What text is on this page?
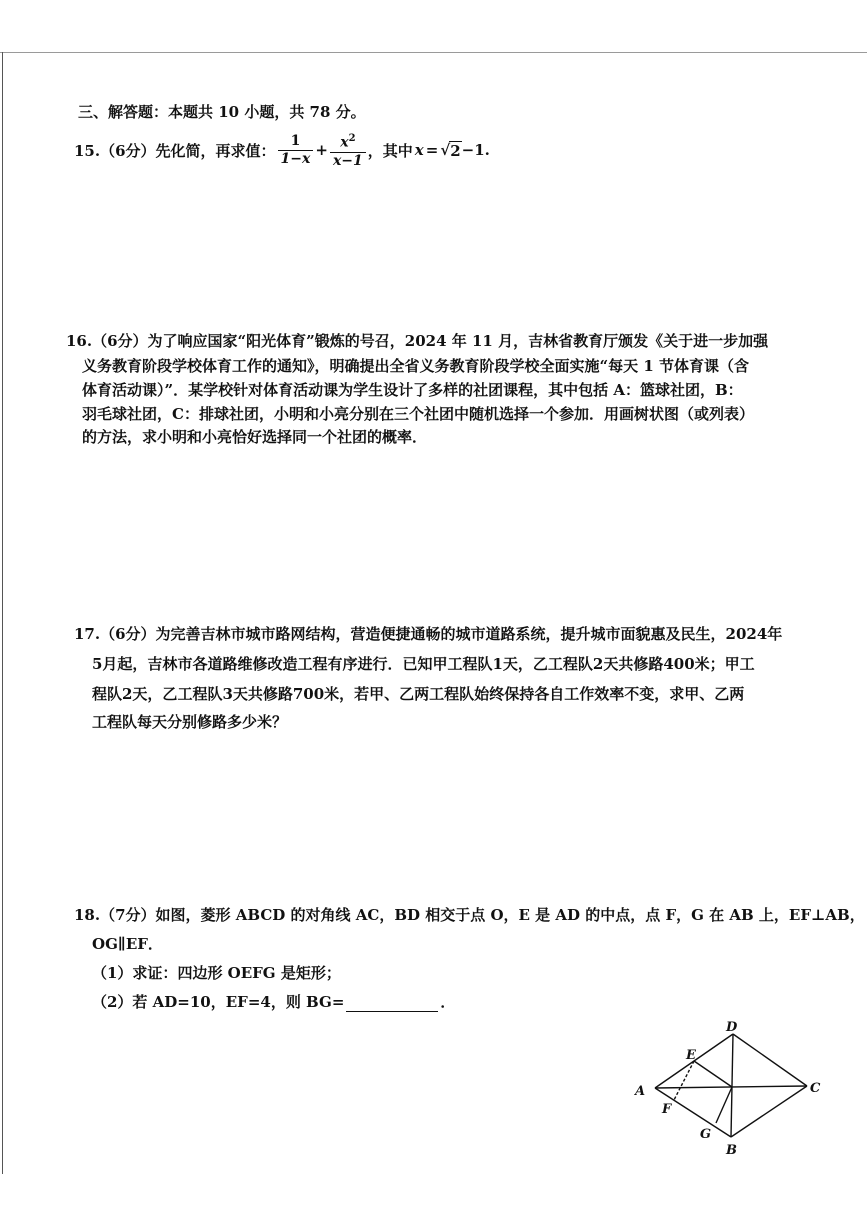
三、解答题：本题共 10 小题，共 78 分。
15.（6分）先化简，再求值： $\frac{1}{1-x} + \frac{x^2}{x-1}$ ，其中 x = √ 2 −1.
16.（6分）为了响应国家“阳光体育”锻炼的号召，2024 年 11 月，吉林省教育厅颁发《关于进一步加强
义务教育阶段学校体育工作的通知》，明确提出全省义务教育阶段学校全面实施“每天 1 节体育课（含
体育活动课）”．某学校针对体育活动课为学生设计了多样的社团课程，其中包括 A：篮球社团，B：
羽毛球社团，C：排球社团，小明和小亮分别在三个社团中随机选择一个参加．用画树状图（或列表）
的方法，求小明和小亮恰好选择同一个社团的概率．
17.（6分）为完善吉林市城市路网结构，营造便捷通畅的城市道路系统，提升城市面貌惠及民生，2024年
5月起，吉林市各道路维修改造工程有序进行．已知甲工程队1天，乙工程队2天共修路400米；甲工
程队2天，乙工程队3天共修路700米，若甲、乙两工程队始终保持各自工作效率不变，求甲、乙两
工程队每天分别修路多少米？
18.（7分）如图，菱形 ABCD 的对角线 AC，BD 相交于点 O，E 是 AD 的中点，点 F，G 在 AB 上，EF⊥AB，
OG∥EF．
（1）求证：四边形 OEFG 是矩形；
（2）若 AD=10，EF=4，则 BG=	．
A
B
C
D
E
F
G
